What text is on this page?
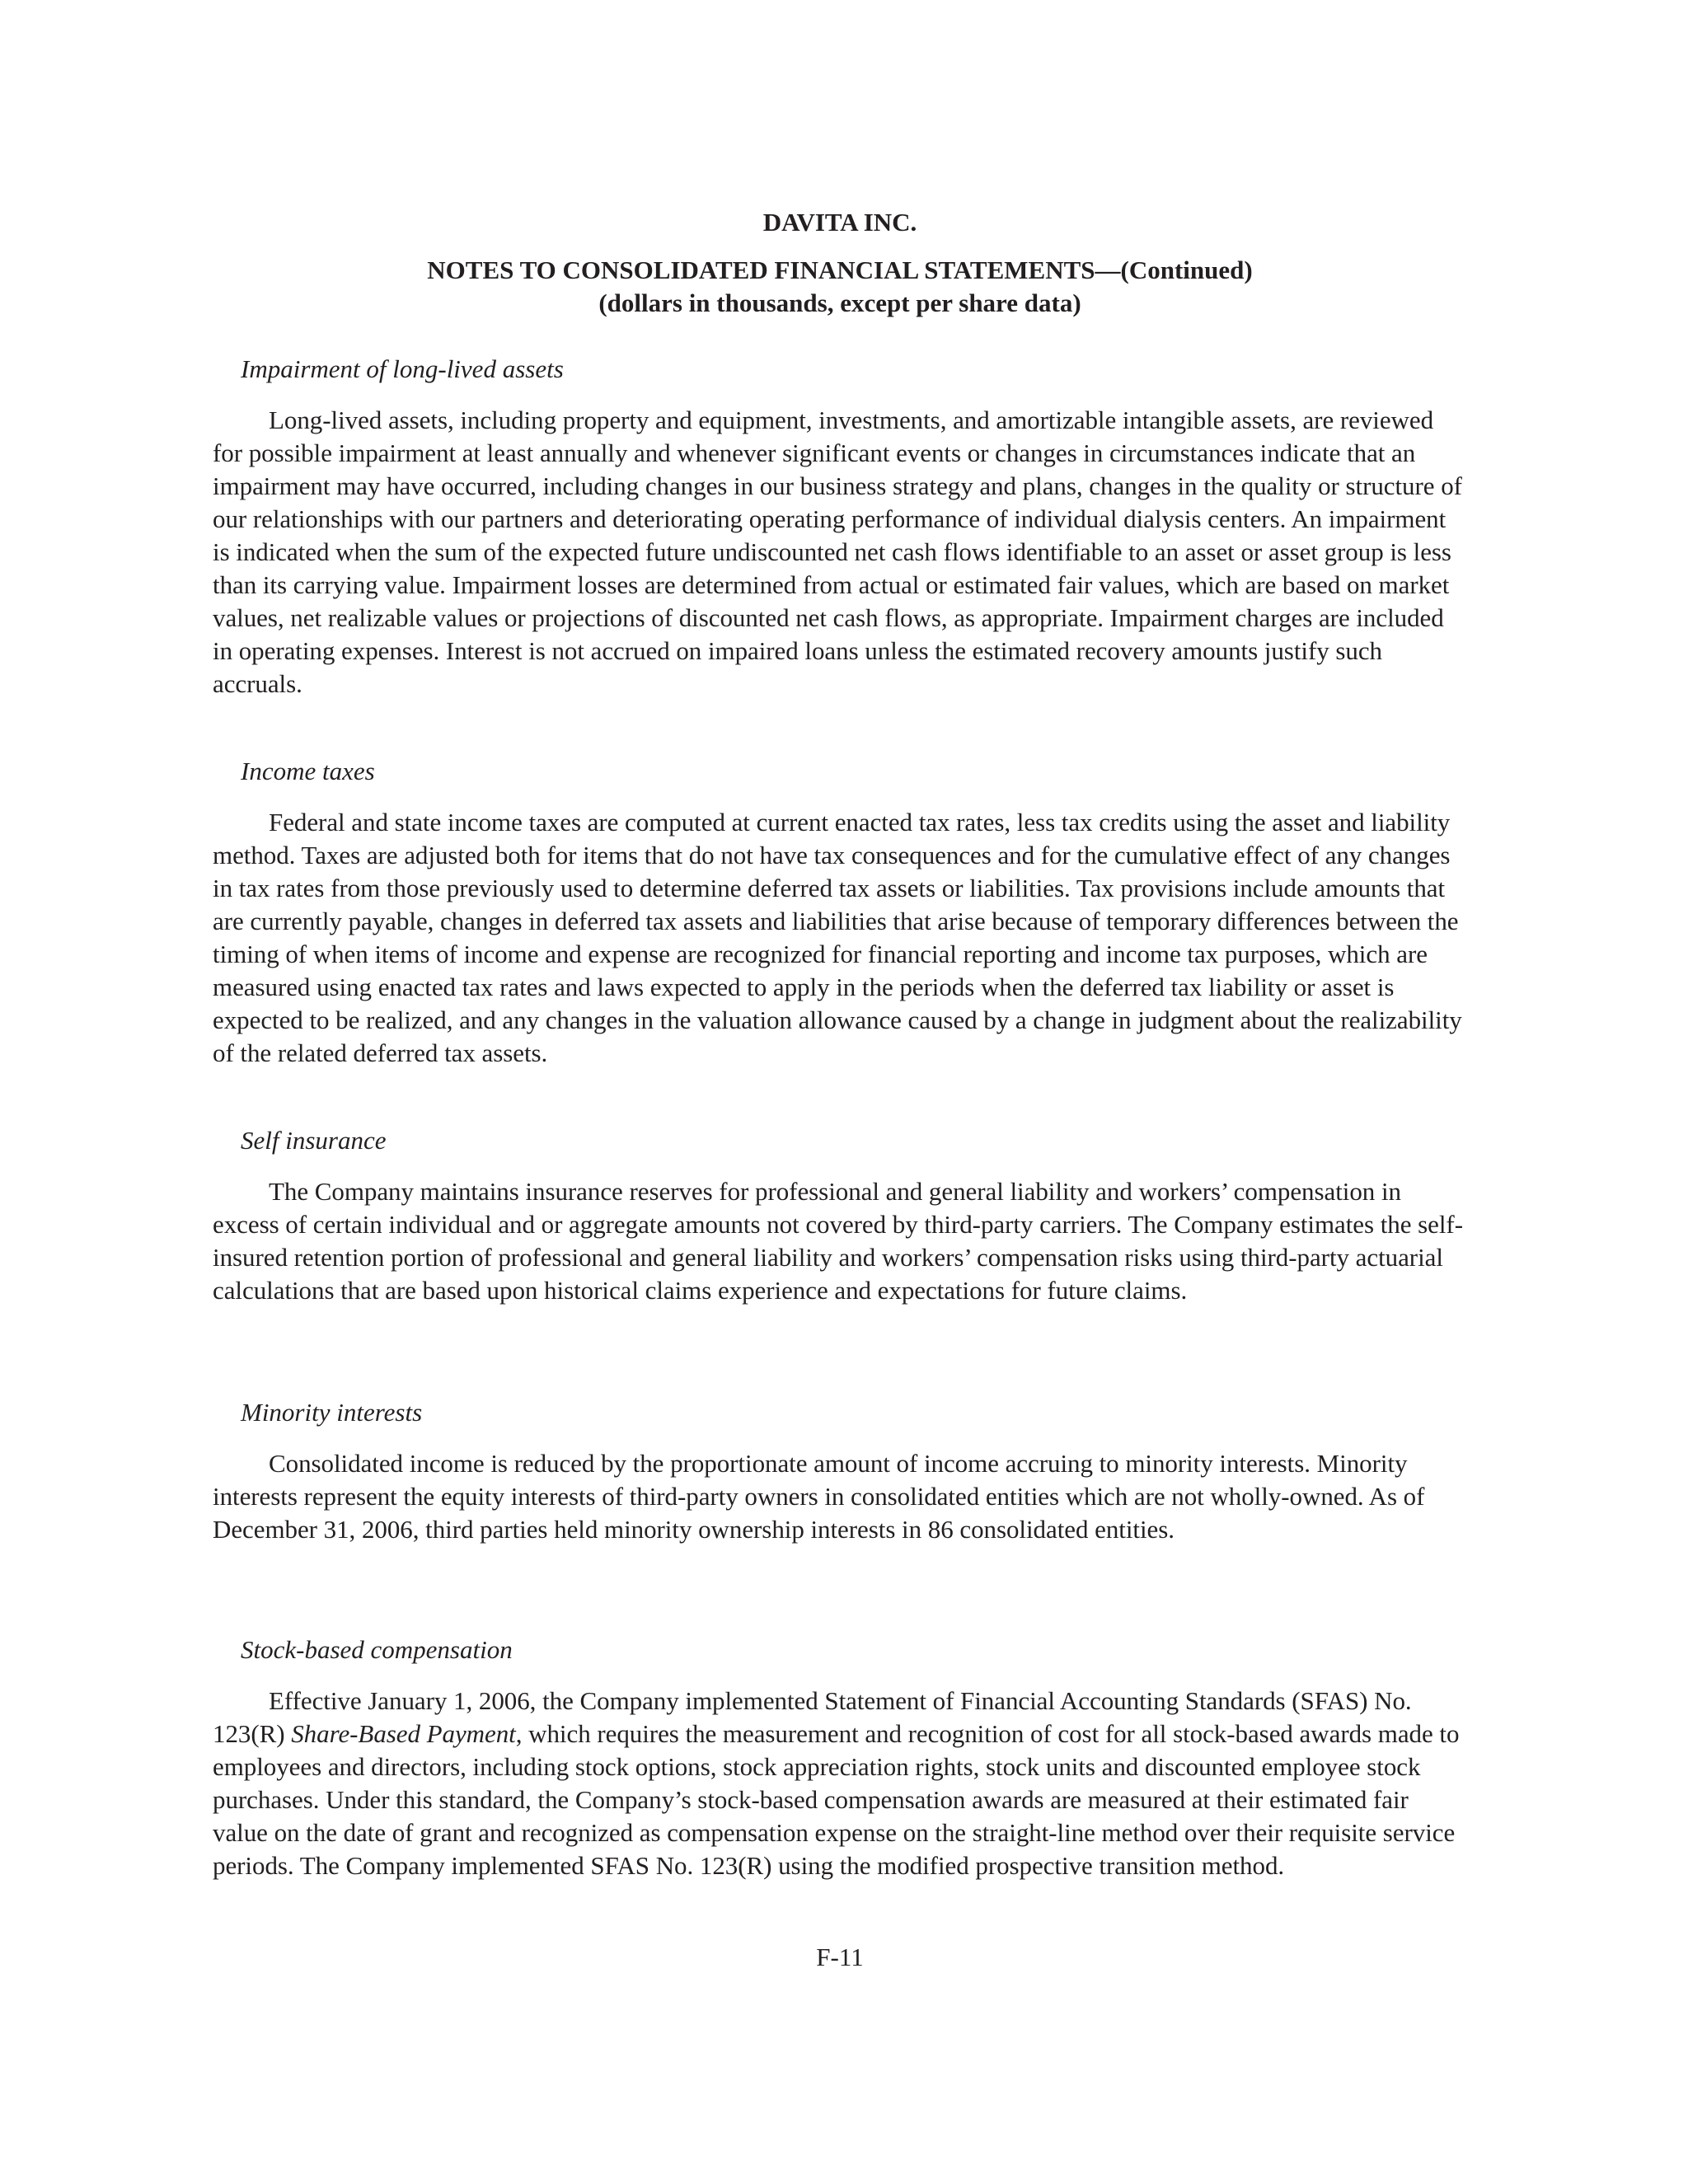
DAVITA INC.
NOTES TO CONSOLIDATED FINANCIAL STATEMENTS—(Continued)
(dollars in thousands, except per share data)
Impairment of long-lived assets

Long-lived assets, including property and equipment, investments, and amortizable intangible assets, are reviewed for possible impairment at least annually and whenever significant events or changes in circumstances indicate that an impairment may have occurred, including changes in our business strategy and plans, changes in the quality or structure of our relationships with our partners and deteriorating operating performance of individual dialysis centers. An impairment is indicated when the sum of the expected future undiscounted net cash flows identifiable to an asset or asset group is less than its carrying value. Impairment losses are determined from actual or estimated fair values, which are based on market values, net realizable values or projections of discounted net cash flows, as appropriate. Impairment charges are included in operating expenses. Interest is not accrued on impaired loans unless the estimated recovery amounts justify such accruals.

Income taxes

Federal and state income taxes are computed at current enacted tax rates, less tax credits using the asset and liability method. Taxes are adjusted both for items that do not have tax consequences and for the cumulative effect of any changes in tax rates from those previously used to determine deferred tax assets or liabilities. Tax provisions include amounts that are currently payable, changes in deferred tax assets and liabilities that arise because of temporary differences between the timing of when items of income and expense are recognized for financial reporting and income tax purposes, which are measured using enacted tax rates and laws expected to apply in the periods when the deferred tax liability or asset is expected to be realized, and any changes in the valuation allowance caused by a change in judgment about the realizability of the related deferred tax assets.

Self insurance

The Company maintains insurance reserves for professional and general liability and workers’ compensation in excess of certain individual and or aggregate amounts not covered by third-party carriers. The Company estimates the self-insured retention portion of professional and general liability and workers’ compensation risks using third-party actuarial calculations that are based upon historical claims experience and expectations for future claims.

Minority interests

Consolidated income is reduced by the proportionate amount of income accruing to minority interests. Minority interests represent the equity interests of third-party owners in consolidated entities which are not wholly-owned. As of December 31, 2006, third parties held minority ownership interests in 86 consolidated entities.

Stock-based compensation

Effective January 1, 2006, the Company implemented Statement of Financial Accounting Standards (SFAS) No. 123(R) Share-Based Payment, which requires the measurement and recognition of cost for all stock-based awards made to employees and directors, including stock options, stock appreciation rights, stock units and discounted employee stock purchases. Under this standard, the Company’s stock-based compensation awards are measured at their estimated fair value on the date of grant and recognized as compensation expense on the straight-line method over their requisite service periods. The Company implemented SFAS No. 123(R) using the modified prospective transition method.

F-11
